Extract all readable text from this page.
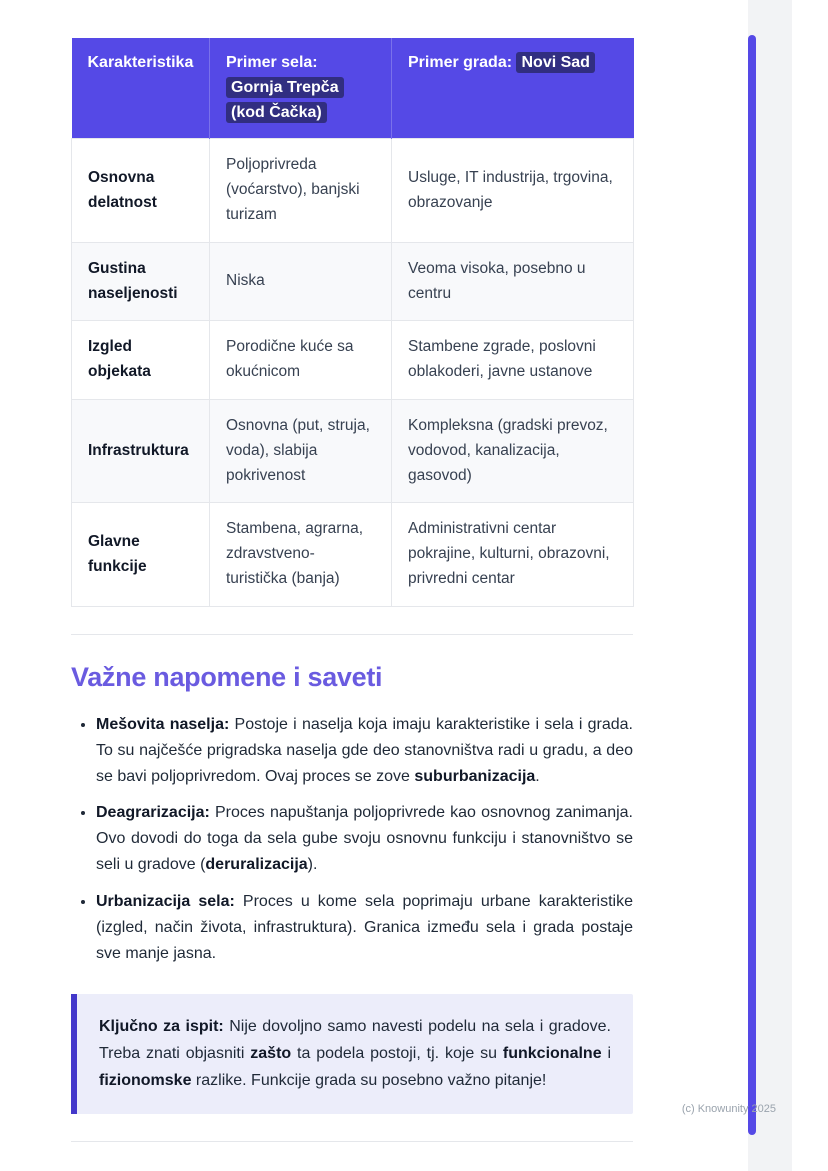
Karakteristika	Primer sela: Gornja Trepča (kod Čačka)	Primer grada: Novi Sad
Osnovna delatnost	Poljoprivreda (voćarstvo), banjski turizam	Usluge, IT industrija, trgovina, obrazovanje
Gustina naseljenosti	Niska	Veoma visoka, posebno u centru
Izgled objekata	Porodične kuće sa okućnicom	Stambene zgrade, poslovni oblakoderi, javne ustanove
Infrastruktura	Osnovna (put, struja, voda), slabija pokrivenost	Kompleksna (gradski prevoz, vodovod, kanalizacija, gasovod)
Glavne funkcije	Stambena, agrarna, zdravstveno-turistička (banja)	Administrativni centar pokrajine, kulturni, obrazovni, privredni centar
Važne napomene i saveti
• Mešovita naselja: Postoje i naselja koja imaju karakteristike i sela i grada. To su najčešće prigradska naselja gde deo stanovništva radi u gradu, a deo se bavi poljoprivredom. Ovaj proces se zove suburbanizacija.
• Deagrarizacija: Proces napuštanja poljoprivrede kao osnovnog zanimanja. Ovo dovodi do toga da sela gube svoju osnovnu funkciju i stanovništvo se seli u gradove (deruralizacija).
• Urbanizacija sela: Proces u kome sela poprimaju urbane karakteristike (izgled, način života, infrastruktura). Granica između sela i grada postaje sve manje jasna.
Ključno za ispit: Nije dovoljno samo navesti podelu na sela i gradove. Treba znati objasniti zašto ta podela postoji, tj. koje su funkcionalne i fizionomske razlike. Funkcije grada su posebno važno pitanje!
(c) Knowunity 2025
